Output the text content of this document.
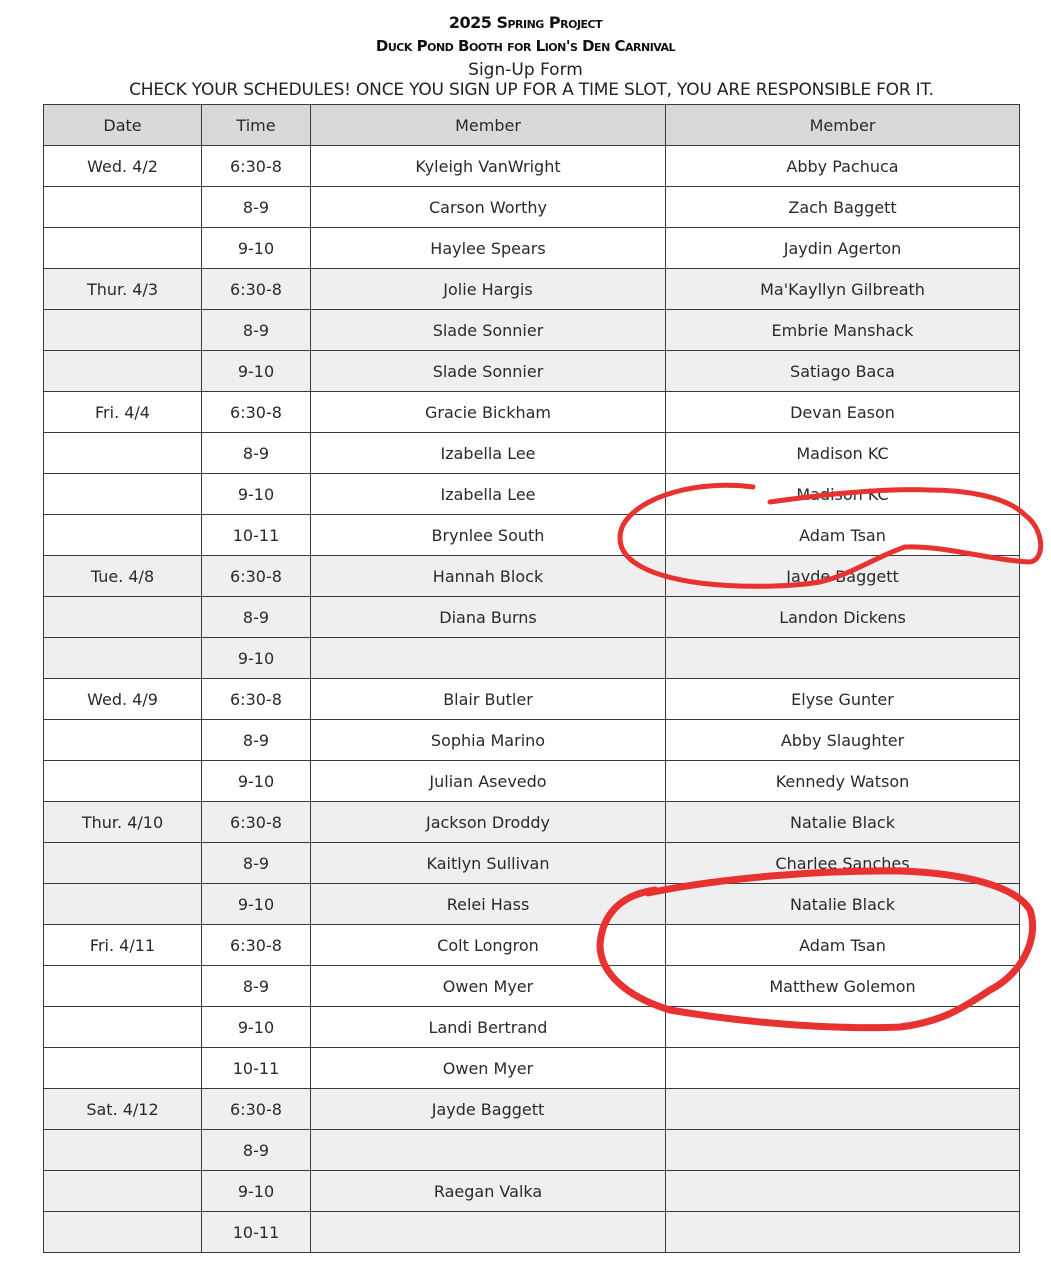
2025 Spring Project
Duck Pond Booth for Lion's Den Carnival
Sign-Up Form
CHECK YOUR SCHEDULES! ONCE YOU SIGN UP FOR A TIME SLOT, YOU ARE RESPONSIBLE FOR IT.
Date	Time	Member	Member
Wed. 4/2	6:30-8	Kyleigh VanWright	Abby Pachuca
	8-9	Carson Worthy	Zach Baggett
	9-10	Haylee Spears	Jaydin Agerton
Thur. 4/3	6:30-8	Jolie Hargis	Ma'Kayllyn Gilbreath
	8-9	Slade Sonnier	Embrie Manshack
	9-10	Slade Sonnier	Satiago Baca
Fri. 4/4	6:30-8	Gracie Bickham	Devan Eason
	8-9	Izabella Lee	Madison KC
	9-10	Izabella Lee	Madison KC
	10-11	Brynlee South	Adam Tsan
Tue. 4/8	6:30-8	Hannah Block	Jayde Baggett
	8-9	Diana Burns	Landon Dickens
	9-10		
Wed. 4/9	6:30-8	Blair Butler	Elyse Gunter
	8-9	Sophia Marino	Abby Slaughter
	9-10	Julian Asevedo	Kennedy Watson
Thur. 4/10	6:30-8	Jackson Droddy	Natalie Black
	8-9	Kaitlyn Sullivan	Charlee Sanches
	9-10	Relei Hass	Natalie Black
Fri. 4/11	6:30-8	Colt Longron	Adam Tsan
	8-9	Owen Myer	Matthew Golemon
	9-10	Landi Bertrand	
	10-11	Owen Myer	
Sat. 4/12	6:30-8	Jayde Baggett	
	8-9		
	9-10	Raegan Valka	
	10-11		
